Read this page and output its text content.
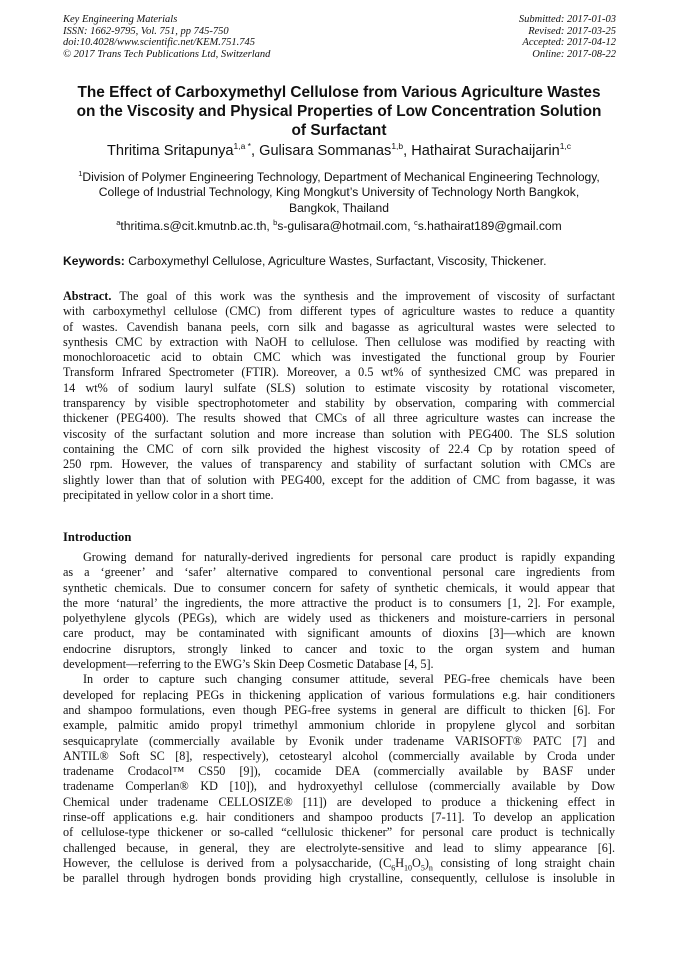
Key Engineering Materials
ISSN: 1662-9795, Vol. 751, pp 745-750
doi:10.4028/www.scientific.net/KEM.751.745
© 2017 Trans Tech Publications Ltd, Switzerland
Submitted: 2017-01-03
Revised: 2017-03-25
Accepted: 2017-04-12
Online: 2017-08-22
The Effect of Carboxymethyl Cellulose from Various Agriculture Wastes
on the Viscosity and Physical Properties of Low Concentration Solution
of Surfactant
Thritima Sritapunya$^{1,a *}$, Gulisara Sommanas$^{1,b}$, Hathairat Surachaijarin$^{1,c}$
$^1$Division of Polymer Engineering Technology, Department of Mechanical Engineering Technology,
College of Industrial Technology, King Mongkut’s University of Technology North Bangkok,
Bangkok, Thailand
$^a$thritima.s@cit.kmutnb.ac.th, $^b$s-gulisara@hotmail.com, $^c$s.hathairat189@gmail.com
Keywords: Carboxymethyl Cellulose, Agriculture Wastes, Surfactant, Viscosity, Thickener.
Abstract. The goal of this work was the synthesis and the improvement of viscosity of surfactant
with carboxymethyl cellulose (CMC) from different types of agriculture wastes to reduce a quantity
of wastes. Cavendish banana peels, corn silk and bagasse as agricultural wastes were selected to
synthesis CMC by extraction with NaOH to cellulose. Then cellulose was modified by reacting with
monochloroacetic acid to obtain CMC which was investigated the functional group by Fourier
Transform Infrared Spectrometer (FTIR). Moreover, a 0.5 wt% of synthesized CMC was prepared in
14 wt% of sodium lauryl sulfate (SLS) solution to estimate viscosity by rotational viscometer,
transparency by visible spectrophotometer and stability by observation, comparing with commercial
thickener (PEG400). The results showed that CMCs of all three agriculture wastes can increase the
viscosity of the surfactant solution and more increase than solution with PEG400. The SLS solution
containing the CMC of corn silk provided the highest viscosity of 22.4 Cp by rotation speed of
250 rpm. However, the values of transparency and stability of surfactant solution with CMCs are
slightly lower than that of solution with PEG400, except for the addition of CMC from bagasse, it was
precipitated in yellow color in a short time.
Introduction
Growing demand for naturally-derived ingredients for personal care product is rapidly expanding
as a ‘greener’ and ‘safer’ alternative compared to conventional personal care ingredients from
synthetic chemicals. Due to consumer concern for safety of synthetic chemicals, it would appear that
the more ‘natural’ the ingredients, the more attractive the product is to consumers [1, 2]. For example,
polyethylene glycols (PEGs), which are widely used as thickeners and moisture-carriers in personal
care product, may be contaminated with significant amounts of dioxins [3]—which are known
endocrine disruptors, strongly linked to cancer and toxic to the organ system and human
development—referring to the EWG’s Skin Deep Cosmetic Database [4, 5].
In order to capture such changing consumer attitude, several PEG-free chemicals have been
developed for replacing PEGs in thickening application of various formulations e.g. hair conditioners
and shampoo formulations, even though PEG-free systems in general are difficult to thicken [6]. For
example, palmitic amido propyl trimethyl ammonium chloride in propylene glycol and sorbitan
sesquicaprylate (commercially available by Evonik under tradename VARISOFT® PATC [7] and
ANTIL® Soft SC [8], respectively), cetostearyl alcohol (commercially available by Croda under
tradename Crodacol™ CS50 [9]), cocamide DEA (commercially available by BASF under
tradename Comperlan® KD [10]), and hydroxyethyl cellulose (commercially available by Dow
Chemical under tradename CELLOSIZE® [11]) are developed to produce a thickening effect in
rinse-off applications e.g. hair conditioners and shampoo products [7-11]. To develop an application
of cellulose-type thickener or so-called “cellulosic thickener” for personal care product is technically
challenged because, in general, they are electrolyte-sensitive and lead to slimy appearance [6].
However, the cellulose is derived from a polysaccharide, $(C_6H_{10}O_5)_n$ consisting of long straight chain
be parallel through hydrogen bonds providing high crystalline, consequently, cellulose is insoluble in
